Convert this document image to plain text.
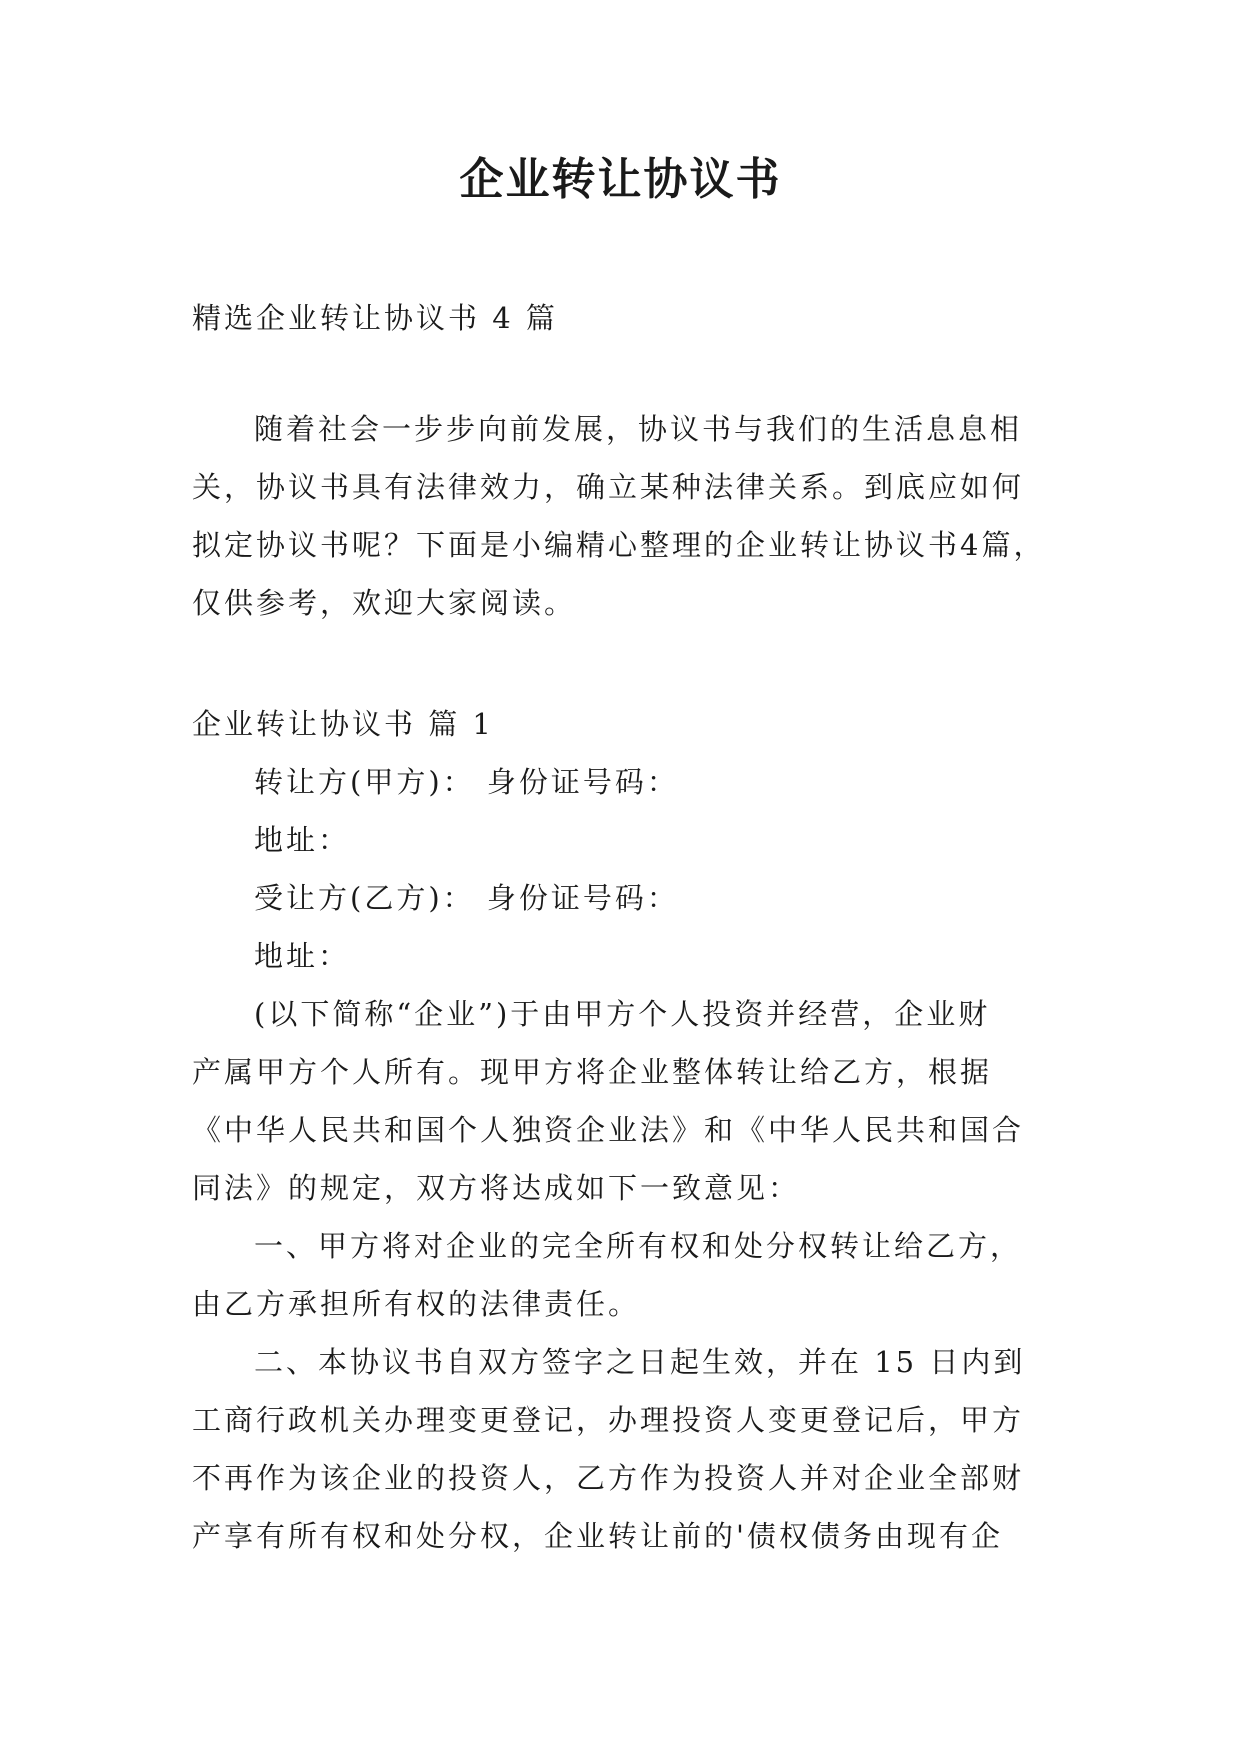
企业转让协议书
精选企业转让协议书 4 篇
随着社会一步步向前发展，协议书与我们的生活息息相
关，协议书具有法律效力，确立某种法律关系。到底应如何
拟定协议书呢？下面是小编精心整理的企业转让协议书4篇，
仅供参考，欢迎大家阅读。
企业转让协议书 篇 1
转让方(甲方)： 身份证号码：
地址：
受让方(乙方)： 身份证号码：
地址：
(以下简称“企业”)于由甲方个人投资并经营，企业财
产属甲方个人所有。现甲方将企业整体转让给乙方，根据
《中华人民共和国个人独资企业法》和《中华人民共和国合
同法》的规定，双方将达成如下一致意见：
一、甲方将对企业的完全所有权和处分权转让给乙方，
由乙方承担所有权的法律责任。
二、本协议书自双方签字之日起生效，并在 15 日内到
工商行政机关办理变更登记，办理投资人变更登记后，甲方
不再作为该企业的投资人，乙方作为投资人并对企业全部财
产享有所有权和处分权，企业转让前的'债权债务由现有企
